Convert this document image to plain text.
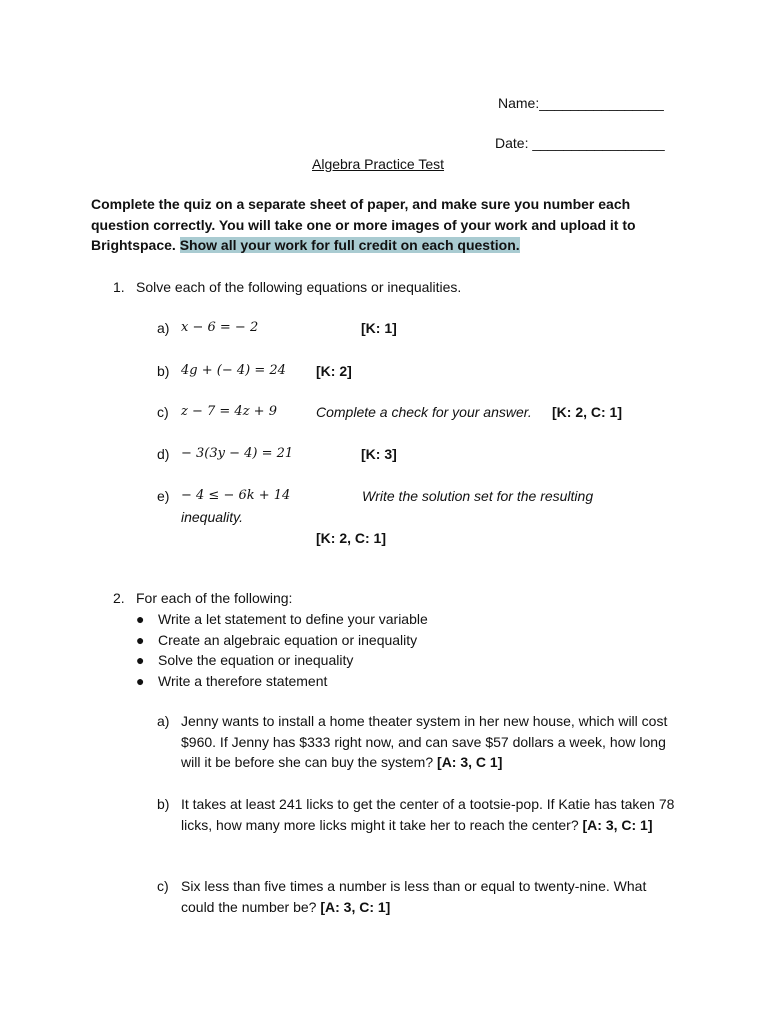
Name:________________
Date: _________________
Algebra Practice Test
Complete the quiz on a separate sheet of paper, and make sure you number each question correctly. You will take one or more images of your work and upload it to Brightspace. Show all your work for full credit on each question.
1. Solve each of the following equations or inequalities.
a) x − 6 = − 2	[K: 1]
b) 4g + (− 4) = 24 [K: 2]
c) z − 7 = 4z + 9	Complete a check for your answer. [K: 2, C: 1]
d) − 3(3y − 4) = 21	[K: 3]
e) − 4 ≤ − 6k + 14	Write the solution set for the resulting
inequality.
[K: 2, C: 1]
2. For each of the following:
● Write a let statement to define your variable
● Create an algebraic equation or inequality
● Solve the equation or inequality
● Write a therefore statement
a) Jenny wants to install a home theater system in her new house, which will cost $960. If Jenny has $333 right now, and can save $57 dollars a week, how long will it be before she can buy the system? [A: 3, C 1]
b) It takes at least 241 licks to get the center of a tootsie-pop. If Katie has taken 78 licks, how many more licks might it take her to reach the center? [A: 3, C: 1]
c) Six less than five times a number is less than or equal to twenty-nine. What could the number be? [A: 3, C: 1]
